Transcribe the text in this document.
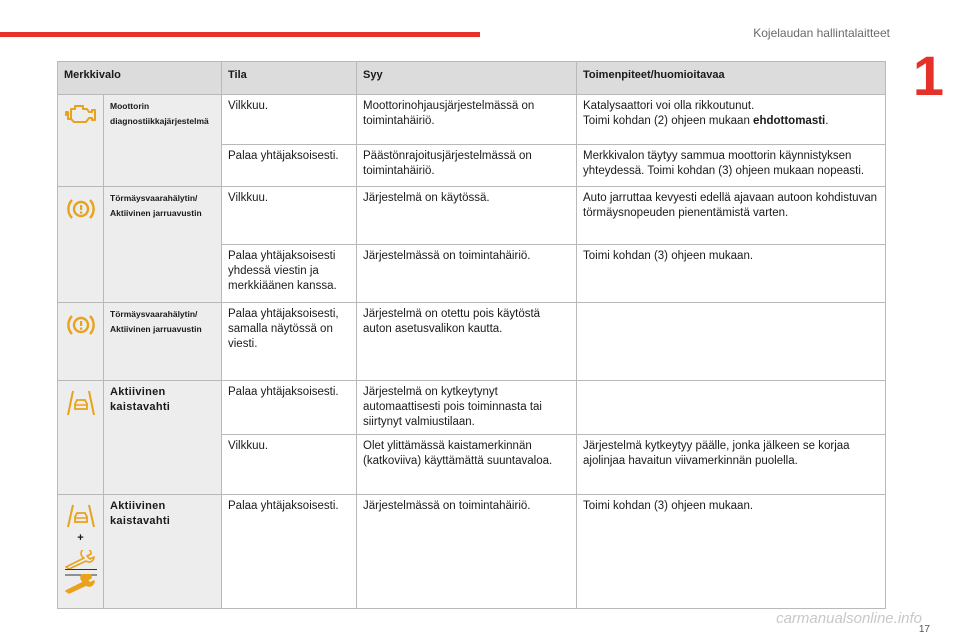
Kojelaudan hallintalaitteet
1
Merkkivalo		Tila	Syy	Toimenpiteet/huomioitavaa

	Moottorin diagnostiikkajärjestelmä	Vilkkuu.	Moottorinohjausjärjestelmässä on toimintahäiriö.	Katalysaattori voi olla rikkoutunut.
Toimi kohdan (2) ohjeen mukaan ehdottomasti.
		Palaa yhtäjaksoisesti.	Päästönrajoitusjärjestelmässä on toimintahäiriö.	Merkkivalon täytyy sammua moottorin käynnistyksen yhteydessä. Toimi kohdan (3) ohjeen mukaan nopeasti.

	Törmäysvaarahälytin/ Aktiivinen jarruavustin	Vilkkuu.	Järjestelmä on käytössä.	Auto jarruttaa kevyesti edellä ajavaan autoon kohdistuvan törmäysnopeuden pienentämistä varten.
		Palaa yhtäjaksoisesti yhdessä viestin ja merkkiäänen kanssa.	Järjestelmässä on toimintahäiriö.	Toimi kohdan (3) ohjeen mukaan.

	Törmäysvaarahälytin/ Aktiivinen jarruavustin	Palaa yhtäjaksoisesti, samalla näytössä on viesti.	Järjestelmä on otettu pois käytöstä auton asetusvalikon kautta.	

	Aktiivinen kaistavahti	Palaa yhtäjaksoisesti.	Järjestelmä on kytkeytynyt automaattisesti pois toiminnasta tai siirtynyt valmiustilaan.	
		Vilkkuu.	Olet ylittämässä kaistamerkinnän (katkoviiva) käyttämättä suuntavaloa.	Järjestelmä kytkeytyy päälle, jonka jälkeen se korjaa ajolinjaa havaitun viivamerkinnän puolella.

+	Aktiivinen kaistavahti	Palaa yhtäjaksoisesti.	Järjestelmässä on toimintahäiriö.	Toimi kohdan (3) ohjeen mukaan.
carmanualsonline.info
17
